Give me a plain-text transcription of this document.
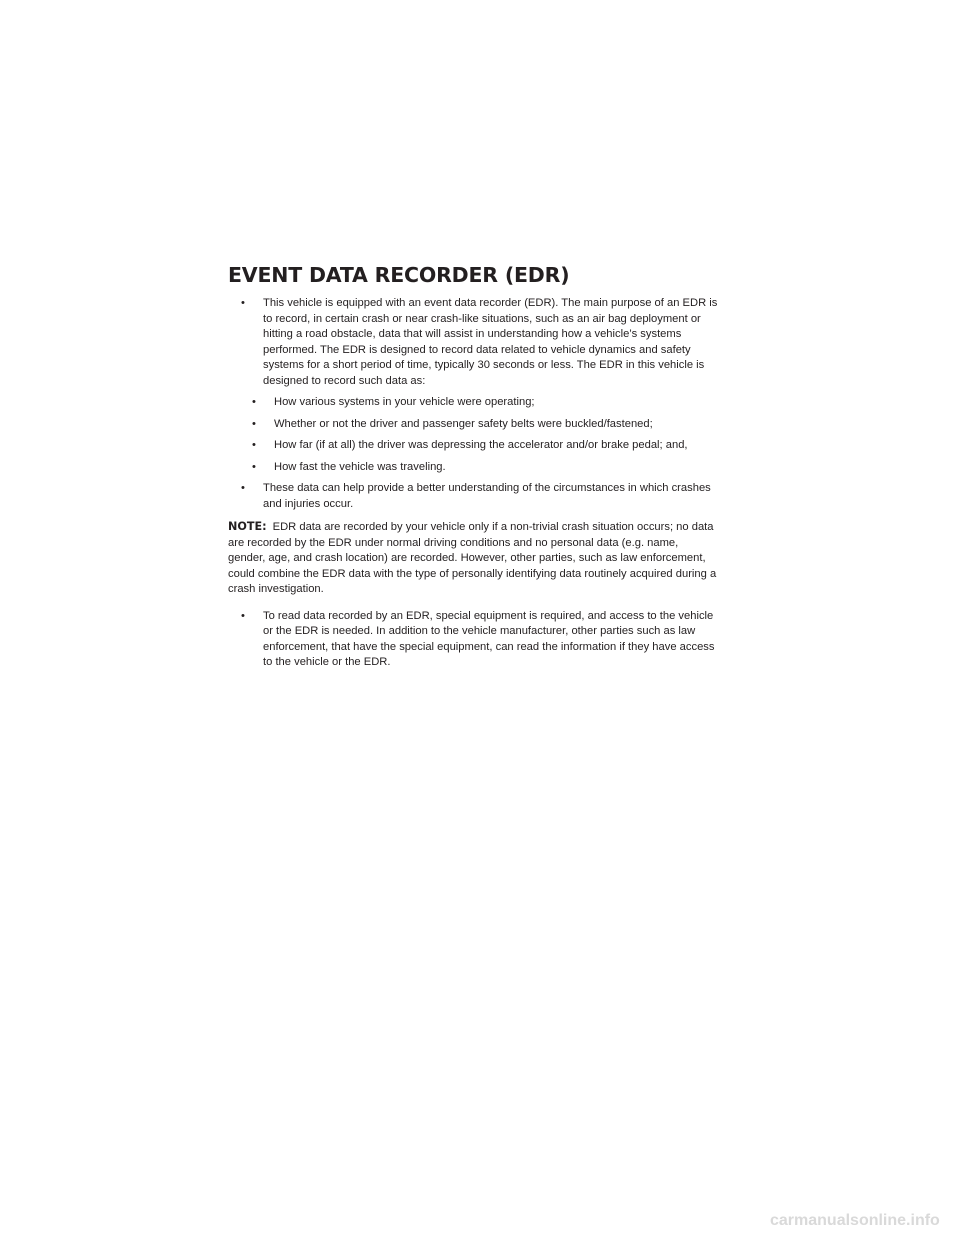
EVENT DATA RECORDER (EDR)
• This vehicle is equipped with an event data recorder (EDR). The main purpose of an EDR is to record, in certain crash or near crash-like situations, such as an air bag deployment or hitting a road obstacle, data that will assist in understanding how a vehicle’s systems performed. The EDR is designed to record data related to vehicle dynamics and safety systems for a short period of time, typically 30 seconds or less. The EDR in this vehicle is designed to record such data as:
• How various systems in your vehicle were operating;
• Whether or not the driver and passenger safety belts were buckled/fastened;
• How far (if at all) the driver was depressing the accelerator and/or brake pedal; and,
• How fast the vehicle was traveling.
• These data can help provide a better understanding of the circumstances in which crashes and injuries occur.

NOTE: EDR data are recorded by your vehicle only if a non-trivial crash situation occurs; no data are recorded by the EDR under normal driving conditions and no personal data (e.g. name, gender, age, and crash location) are recorded. However, other parties, such as law enforcement, could combine the EDR data with the type of personally identifying data routinely acquired during a crash investigation.

• To read data recorded by an EDR, special equipment is required, and access to the vehicle or the EDR is needed. In addition to the vehicle manufacturer, other parties such as law enforcement, that have the special equipment, can read the information if they have access to the vehicle or the EDR.
carmanualsonline.info
